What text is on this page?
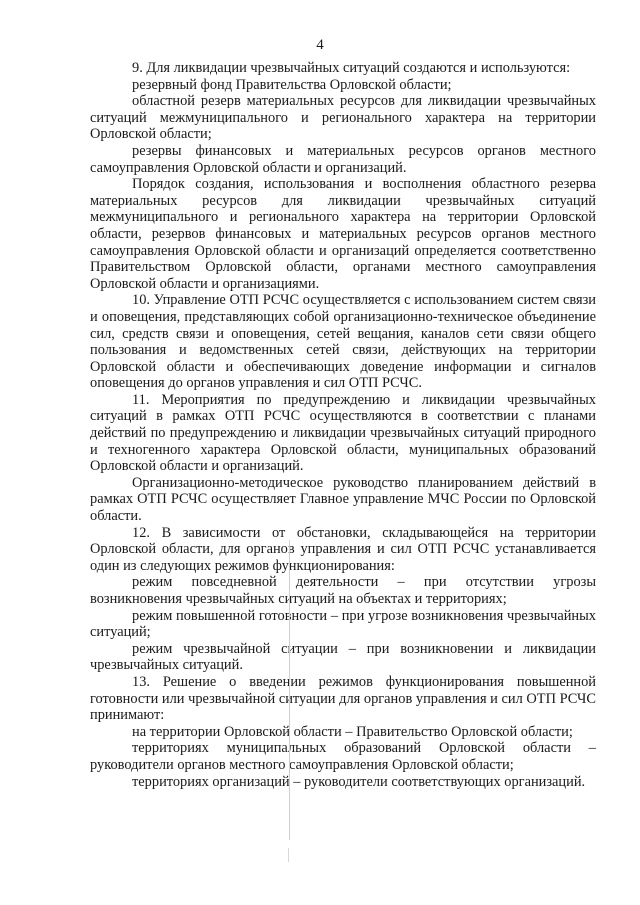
4

9. Для ликвидации чрезвычайных ситуаций создаются и используются:

резервный фонд Правительства Орловской области;

областной резерв материальных ресурсов для ликвидации чрезвычайных ситуаций межмуниципального и регионального характера на территории Орловской области;

резервы финансовых и материальных ресурсов органов местного самоуправления Орловской области и организаций.

Порядок создания, использования и восполнения областного резерва материальных ресурсов для ликвидации чрезвычайных ситуаций межмуниципального и регионального характера на территории Орловской области, резервов финансовых и материальных ресурсов органов местного самоуправления Орловской области и организаций определяется соответственно Правительством Орловской области, органами местного самоуправления Орловской области и организациями.

10. Управление ОТП РСЧС осуществляется с использованием систем связи и оповещения, представляющих собой организационно-техническое объединение сил, средств связи и оповещения, сетей вещания, каналов сети связи общего пользования и ведомственных сетей связи, действующих на территории Орловской области и обеспечивающих доведение информации и сигналов оповещения до органов управления и сил ОТП РСЧС.

11. Мероприятия по предупреждению и ликвидации чрезвычайных ситуаций в рамках ОТП РСЧС осуществляются в соответствии с планами действий по предупреждению и ликвидации чрезвычайных ситуаций природного и техногенного характера Орловской области, муниципальных образований Орловской области и организаций.

Организационно-методическое руководство планированием действий в рамках ОТП РСЧС осуществляет Главное управление МЧС России по Орловской области.

12. В зависимости от обстановки, складывающейся на территории Орловской области, для органов управления и сил ОТП РСЧС устанавливается один из следующих режимов функционирования:

режим повседневной деятельности – при отсутствии угрозы возникновения чрезвычайных ситуаций на объектах и территориях;

режим повышенной готовности – при угрозе возникновения чрезвычайных ситуаций;

режим чрезвычайной ситуации – при возникновении и ликвидации чрезвычайных ситуаций.

13. Решение о введении режимов функционирования повышенной готовности или чрезвычайной ситуации для органов управления и сил ОТП РСЧС принимают:

на территории Орловской области – Правительство Орловской области;

территориях муниципальных образований Орловской области – руководители органов местного самоуправления Орловской области;

территориях организаций – руководители соответствующих организаций.
